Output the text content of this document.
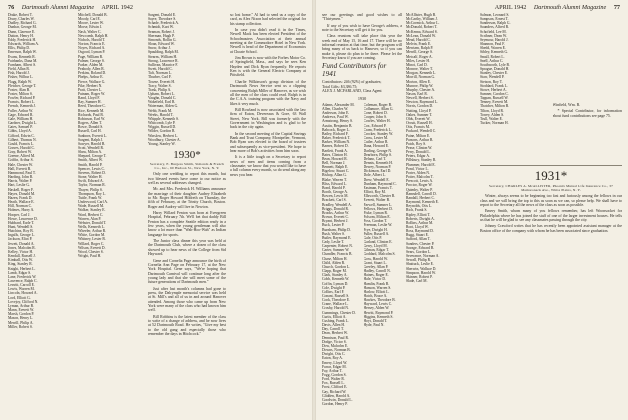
76 Dartmouth Alumni Magazine APRIL 1942
Drake, Robert T.
Drury, Charles W.
Dudley, Richard G.
Dunbar, George M.
Dunn, Clarence E.
Dutton, Henry H.
Eddy, Frederick H.
Edwards, William A.
Ellis, Philip D.
Emerson, Ralph W.
Evans, Kenneth R.
Fairbanks, Dana M.
Farnham, Albert S.
Field, Allan B.
Fish, Harold J.
Fisher, Wilbur L.
Flagg, Ralph W.
Fletcher, George T.
Foster, Alan B.
Foster, Milton S.
Fowler, Richard P.
Francis, Robert L.
French, Kenneth J.
Fuller, Arthur W.
Gage, Edward R.
Gale, William H.
Gardner, Dwight L.
Gates, Samuel P.
Gibbs, Lloyd A.
Gifford, Edwin C.
Gilbert, Thomas N.
Gould, Francis L.
Graves, Harold C.
Gray, Robert W.
Greene, Alfred M.
Griffin, Arthur S.
Hale, Chester W.
Hall, Everett B.
Hammond, Paul T.
Harding, John R.
Harris, Walter P.
Hart, Leslie G.
Haskell, Roger F.
Hayes, Donald M.
Hazen, Frank D.
Heath, Wallace E.
Hill, Norman C.
Holmes, Harry A.
Hooper, Carl J.
Howe, Lawrence D.
Hubbard, Earle T.
Hunt, Wendell S.
Hutchins, Roy B.
Ingalls, George L.
Jackson, Eliot P.
Jewett, Donald A.
Jones, Malcolm R.
Kelley, Victor H.
Kendall, Russell J.
Kimball, Otis W.
King, Stanley R.
Knight, Herbert L.
Lamb, Edgar S.
Lane, Frederick W.
Lawrence, Ralph C.
Leavitt, Carroll E.
Lewis, Warren M.
Lincoln, Howard A.
Lord, Elliott G.
Lovejoy, Clifford N.
Lyman, Arthur B.
Mann, Everett W.
Marsh, Gordon P.
Mason, Henry L.
Merrill, Philip A.
Miller, Robert S.
Mitchell, Donald B.
Moody, Carl E.
Moore, Lester W.
Morse, Edwin J.
Nash, Walter C.
Newcomb, Ralph H.
Nichols, Harold T.
Norton, Francis E.
Noyes, Richard A.
Osgood, Lyman P.
Page, William R.
Palmer, George S.
Parker, Alden M.
Peabody, Allen R.
Perkins, Roland D.
Phelps, Arthur E.
Pierce, Wallace G.
Pike, Herbert N.
Pratt, Chester L.
Putnam, Roger W.
Rand, Lloyd F.
Ray, Sumner H.
Reed, Theodore C.
Rice, Kenneth M.
Richards, Paul B.
Robinson, Earl W.
Rogers, Allen T.
Rowe, Donald S.
Russell, Carl H.
Sanborn, Everett L.
Sargent, Ralph J.
Sawyer, Harold B.
Scott, Wendell R.
Shaw, Milton A.
Shepard, George T.
Smith, Albert W.
Smith, Harold P.
Spencer, Lewis C.
Stevens, Robert D.
Stone, Walter H.
Swift, Edward A.
Taylor, Norman R.
Thayer, Philip S.
Thompson, Roy L.
Tuttle, Frank W.
Underwood, Carl A.
Wade, Russell M.
Walker, Stanley E.
Ward, Herbert C.
Warren, Alan P.
Webster, Donald T.
Wells, Kenneth L.
Wheeler, Arthur R.
White, Gordon M.
Whitney, Lester B.
Willard, Roger C.
Wilson, Everett D.
Wood, Chester S.
Wright, Paul H.
Sargent, Donald E.
Sayre, Theodore S.
Schade, Frederick A.
Schmidt, Kurt W.
Seaman, Robert J.
Sherman, Hugh P.
Simonds, Rollin G.
Sloan, Edward W.
Snow, Arthur J.
Spaulding, Ralph M.
Stearns, William H.
Strong, Lawrence R.
Sullivan, Maurice F.
Swett, Harold C.
Taft, Norman L.
Thurber, Carl F.
Towne, Everett H.
Tracy, Walter S.
Trask, Philip A.
Upham, Robert L.
Vaughn, Donald C.
Wakefield, Earl R.
Waterman, Alden G.
Webb, Frank M.
Weeks, Harold T.
Whipple, Kenneth S.
Whitcomb, Lyle P.
Wiggin, Russell D.
Wilder, Gordon R.
Winslow, Herbert L.
Woodbury, Chester A.
Young, Stanley W.
1930*
Secretary, E. Burgess Smith, Simonds & French Co., Inc., 60 Hudson St., New York, N. Y.

Only one wedding to report this month, but two blessed events have come to our notice as well as several addresses changed.

Mr. and Mrs. Frederick H. Williams announce the marriage of their daughter Audrey Elizabeth to Mr. Roger Howard Hildreth on Thursday, the fifth of February, at the Trinity Church, Boston. Roger and Audrey will live in Newton.

Harry Willard Fenton was born at Evergreen Hospital, February 7th. We'll bet that daddy Bill Fenton has a complete Seattle edition ready in a few years, when the young gentleman will also know a lot more than "Wah-Hoo-Wah" as Indian language for sports.

The Junior class dinner this year was held at the Dartmouth Club, where a dozen of the class showed up to hear news of the College from Sid Hayward.

Gene and Cornelia Page announce the birth of Cornelia Ann Page on February 17, at the New York Hospital. Gene says, "We're hoping that Dartmouth Carnival will continue long after the young lady and that she will meet some of the future generations of Dartmouth men."

Just after last month's columns had gone to press, the Dalrymple memorial service was held at St. Mill's and all of us in and around Hanover attended. Among those who came up from New York were many of the class who had known him well.

Bill Robbins is the latest member of the class to write of a change of address, and he now lives at 52 Dartmouth Road. He writes, "Give my best to the old gang and especially those who remember the days in Hitchcock."

so lost home." Al had to send us a copy of the card, as Alex Nixon had selected the original for his stamp collection.

In case you didn't read it in the Times, Newell Mack has been elected President of the Schoolmasters Association at their annual meeting at the Commodore Hotel in New York. Newell is head of the Department of Economics at Choate School.

Jim Brown is now with the Forbes Motor Co. of Springfield, Mass., and says he sees Ken Hayden and Dick Ryan frequently. He reports Ken is with the General Electric Company at Pittsfield.

Charlie Wilkinson's group division of the Dartmouth News Service sent us a clipping concerning Ralph Miller of Hanover, as we wish all the men of the class could read. Ralph is in the C.A.A. training program with the Navy and likes it very much.

Bill Rowland is now associated with the law firm of Eaton, Devereaux & Gore, 63 Wall Street, New York. Bill was formerly with the Government in Washington and is glad to be back in the city again.

In the second meeting of the Capital Savings Bank and Trust Company, Montpelier, Vermont, Bob Ryan was elected to the board of trustees and subsequently as vice-president. We hope to hear more of Bob's activities from him soon.

It is a little tough on a Secretary to report news of men and items coming from a classmate; we know that you would like to have a full column every month, so do send along any news you hear.

APRIL 1942 Dartmouth Alumni Magazine 77

see our greetings and good wishes to all "Thirtymen."

If any of you wish to have George's address, a note to the Secretary will get it for you.

Class reunions will take place this year the week end of May 15, 16 and 17. There will be no informal reunion at that time, but the program will bring many of us back to Hanover, so if you can make it, please do plan to be there. Please let the Secretary know if you are coming.

Fund Contributors for 1941
Contributors: 246 (92%) of graduates;
Total Gifts: $3,386.75;
ALEX J. MCFARLAND, Class Agent
1930
Adams, Alexander M.
Allen, Charles W.
Anderson, John E.
Andrews, Paul W.
Armstrong, Henry S.
Austin, Benjamin B.
Babcock, Roger L.
Bailey, Richard F.
Baker, Frederick T.
Barker, William N.
Barnes, Robert D.
Bartlett, Frank A.
Bates, Clinton H.
Bean, Howard R.
Bell, Norman J.
Bennett, Ralph E.
Bigelow, Stuart C.
Bishop, Allan G.
Blake, Warren T.
Bliss, Edward L.
Bond, Harold P.
Booth, George A.
Bowen, Lewis M.
Brackett, Carl S.
Bradley, Wendell A.
Briggs, Donald R.
Brooks, Arthur W.
Brown, Everett C.
Bryant, Herbert J.
Buck, Lester P.
Burnham, Philip D.
Bush, Walter S.
Butler, Raymond E.
Cady, Leslie T.
Carpenter, Robert N.
Carter, Sumner W.
Chandler, Francis B.
Chase, Milton H.
Child, Alden R.
Church, Gordon L.
Clapp, Roger M.
Clark, Stanley A.
Cobb, Kenneth W.
Coffin, Lyman D.
Cole, Dwight P.
Collins, Earl F.
Conant, Russell S.
Cook, Theodore E.
Crane, Wallace L.
Crosby, Harold N.
Cummings, Chester D.
Curtis, Elliott A.
Cushing, Frank L.
Davis, Allen H.
Day, Carroll T.
Dean, Herbert W.
Dennison, Paul R.
Dodge, Victor S.
Dow, Malcolm E.
Downs, Norman B.
Dwight, Otis C.
Eaton, Roy A.
Emery, Lloyd W.
Farrar, Edgar M.
Fay, Arthur T.
Fogg, Gordon S.
Ford, Walter R.
Fox, Russell L.
Frost, Clifford E.
Gay, Richard W.
Glidden, Harold A.
Goodwin, Donald L.
Gordon, Henry P.
Coleman, Roger B.
Collamore, Allan G.
Cone, Robert D.
Cooper, John S.
Cowles, Walter H.
Cox, Edward P.
Cram, Frederick L.
Crocker, Stanley W.
Cross, Lester M.
Cutler, Arthur R.
Dana, Howard E.
Darling, George N.
Dearborn, Philip S.
Delano, Carl T.
Dennis, Kenneth H.
Dewey, Norman P.
Dickinson, Earl D.
Dole, Albert L.
Drew, Wendell E.
Dunham, Raymond C.
Eastman, Francis T.
Elliott, Roy M.
Ellsworth, Chester R.
Everett, Walter B.
Farwell, Sumner L.
Fellows, Herbert D.
Fiske, Lyman R.
Folsom, Milton E.
Foss, Gordon T.
Freeman, Leslie W.
Frye, Dwight H.
Fuller, Russell A.
Gale, Otis P.
Garland, Clinton E.
Gerry, Lloyd M.
Gilman, Edgar T.
Goddard, Malcolm S.
Goss, Harold W.
Grant, Stuart L.
Greeley, Allan P.
Hadley, Carroll N.
Haines, Roger E.
Hale, Victor D.
Hamlin, Frank R.
Hanson, Warren S.
Harlow, Elliott L.
Hatch, Bruce A.
Hawkes, Theodore B.
Hayward, Lewis C.
Hersey, Alden W.
Hewitt, Raymond P.
Higgins, Kenneth S.
Hoyt, Donald T.
Hyde, Paul N.
McAllister, Hugh B.
McCarthy, William J.
McCormick, Arthur L.
McDonald, Robert T.
McKenna, Edward S.
McLean, Donald W.
Mead, Harold C.
Melvin, Frank E.
Merriam, Ralph P.
Merrill, George S.
Metcalf, Roger A.
Miles, Lester H.
Minot, Carl D.
Monroe, Walter T.
Morgan, Kenneth L.
Morrill, Norman G.
Morton, Allen E.
Munroe, Philip W.
Murphy, Chester A.
Nason, Earl R.
Newell, Herbert S.
Newton, Raymond L.
Norris, Gordon D.
Nutting, Lloyd P.
Oakes, Sumner T.
Olds, Everett W.
Orcutt, Russell H.
Otis, Francis M.
Packard, Wendell C.
Paine, Milton E.
Parsons, Arthur B.
Patch, Roy S.
Pease, Clinton W.
Perry, Donald L.
Peters, Edgar A.
Pillsbury, Stanley R.
Plummer, Harold E.
Pond, Victor L.
Porter, Alden N.
Potter, Malcolm T.
Prescott, Lewis A.
Proctor, Roger W.
Quimby, Walter P.
Ramsdell, Carroll D.
Randall, Herbert C.
Raymond, Kenneth E.
Reynolds, Otis L.
Rich, Frank S.
Ripley, Elliott T.
Roberts, Dwight A.
Rollins, Arthur M.
Root, Lloyd W.
Ross, Raymond D.
Rugg, Stuart E.
Safford, Allan T.
Sanders, Chester P.
Savage, Edward B.
Sears, Gordon L.
Severance, Norman A.
Sewall, Philip R.
Shattuck, Leslie E.
Sherwin, Wallace D.
Simpson, Harold W.
Skinner, Robert P.
Slade, Carl M.
Salmon, Leonard S.
Sampson, Ernest T.
Sanderson, Ralph G.
Saunders, Alfred R.
Schofield, Lee M.
Scribner, Dean W.
Seymour, Harold J.
Shannon, Paul F.
Shedd, Warren E.
Sibley, Kenneth G.
Small, Robert L.
Snell, Arthur C.
Southworth, Lyle B.
Sprague, Donald H.
Stanley, Chester E.
Starr, Wendell P.
Stetson, Roy T.
Stoddard, Frank L.
Stowe, Herbert A.
Sumner, Gordon C.
Tappan, Russell W.
Tenney, Everett M.
Thatcher, Milton B.
Tilton, Lloyd R.
Torrey, Alden S.
Trull, Walter E.
Tucker, Norman H.

Winfield, Wm. R.

* Special Contributor, for information about fund contributions see page 75.

1931*
Secretary, CHARLES A. McALLISTER, Phoenix Mutual Life Insurance Co., 37 Mamaroneck Ave., White Plains, N. Y.

Winter, always seems to be beginning too fast and furiously among the fellows in our class and we will bring the top to this as soon as we can, so please help. We shall have to report to the Secretary all the news of the class as soon as possible.

Emery Smith, whom many of you fellows remember, has left Woonsocket for Philadelphia where he has joined the staff of one of the larger investment houses. He tells us that he will be glad to see any classmates passing through the city.

Johnny Crawford writes that he has recently been appointed assistant manager at the Boston office of the company with whom he has been associated since graduation.
